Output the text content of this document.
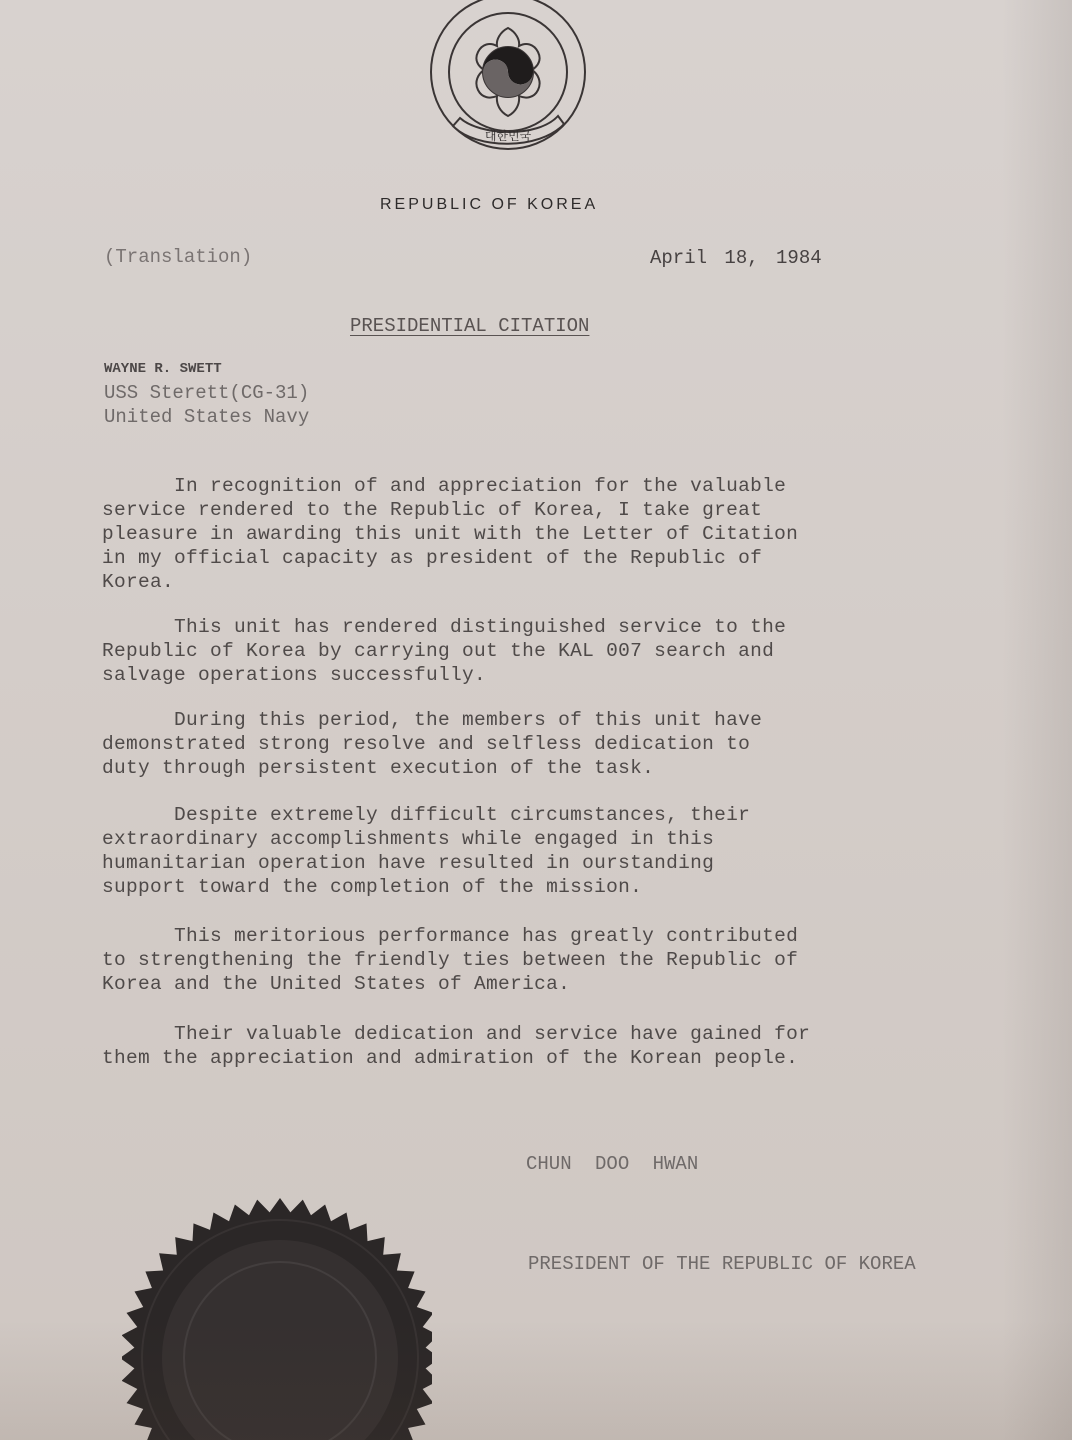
대한민국
REPUBLIC OF KOREA
(Translation)	April 18, 1984
PRESIDENTIAL CITATION
WAYNE R. SWETT
USS Sterett(CG-31)
United States Navy
In recognition of and appreciation for the valuable
service rendered to the Republic of Korea, I take great
pleasure in awarding this unit with the Letter of Citation
in my official capacity as president of the Republic of
Korea.
This unit has rendered distinguished service to the
Republic of Korea by carrying out the KAL 007 search and
salvage operations successfully.
During this period, the members of this unit have
demonstrated strong resolve and selfless dedication to
duty through persistent execution of the task.
Despite extremely difficult circumstances, their
extraordinary accomplishments while engaged in this
humanitarian operation have resulted in ourstanding
support toward the completion of the mission.
This meritorious performance has greatly contributed
to strengthening the friendly ties between the Republic of
Korea and the United States of America.
Their valuable dedication and service have gained for
them the appreciation and admiration of the Korean people.
CHUN DOO HWAN
PRESIDENT OF THE REPUBLIC OF KOREA
